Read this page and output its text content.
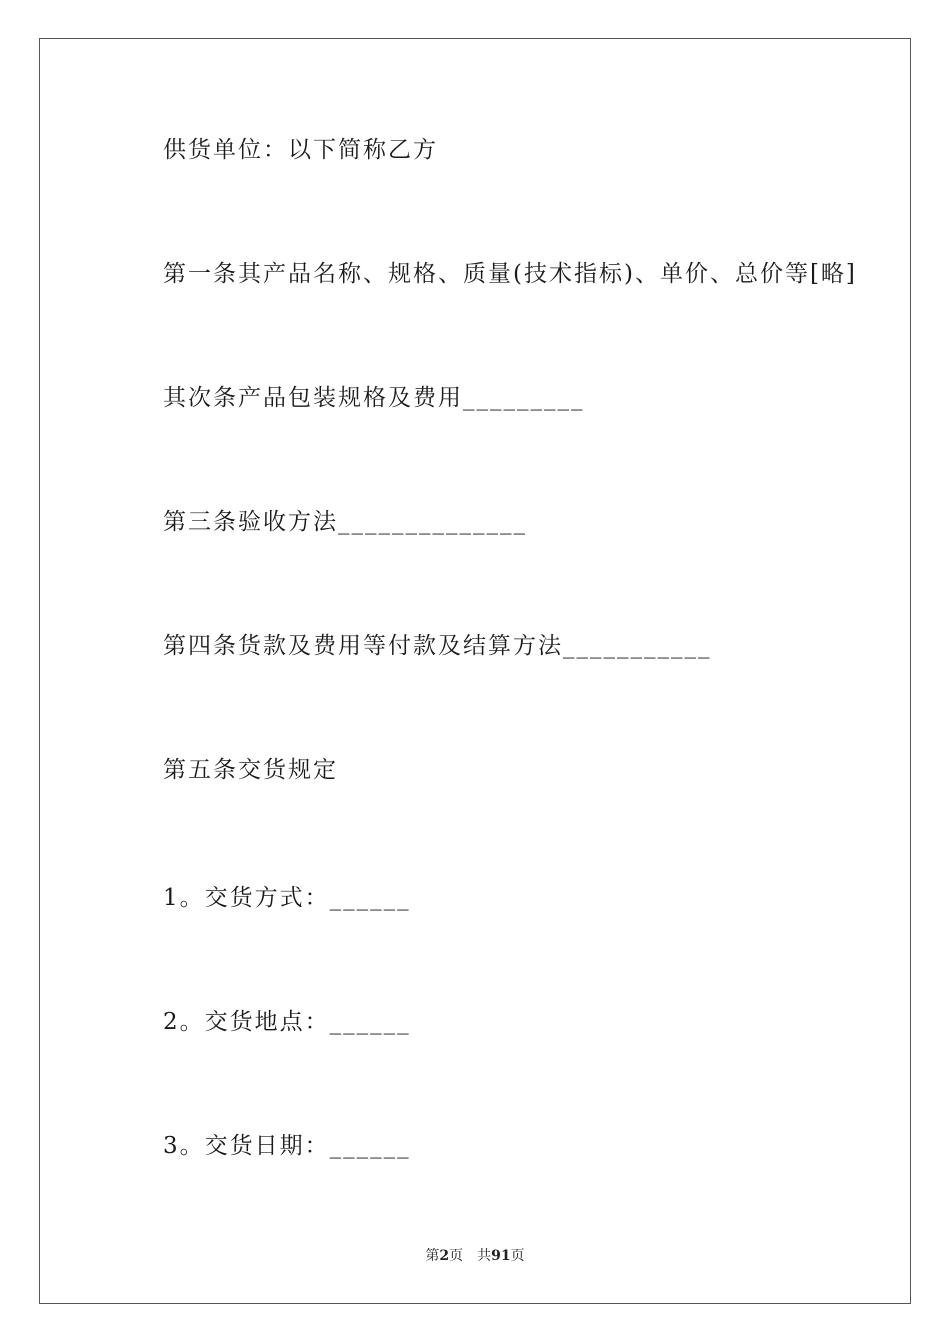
供货单位：以下简称乙方
第一条其产品名称、规格、质量(技术指标)、单价、总价等[略]
其次条产品包装规格及费用_________
第三条验收方法______________
第四条货款及费用等付款及结算方法___________
第五条交货规定
1。交货方式：______
2。交货地点：______
3。交货日期：______
第2页 共91页
